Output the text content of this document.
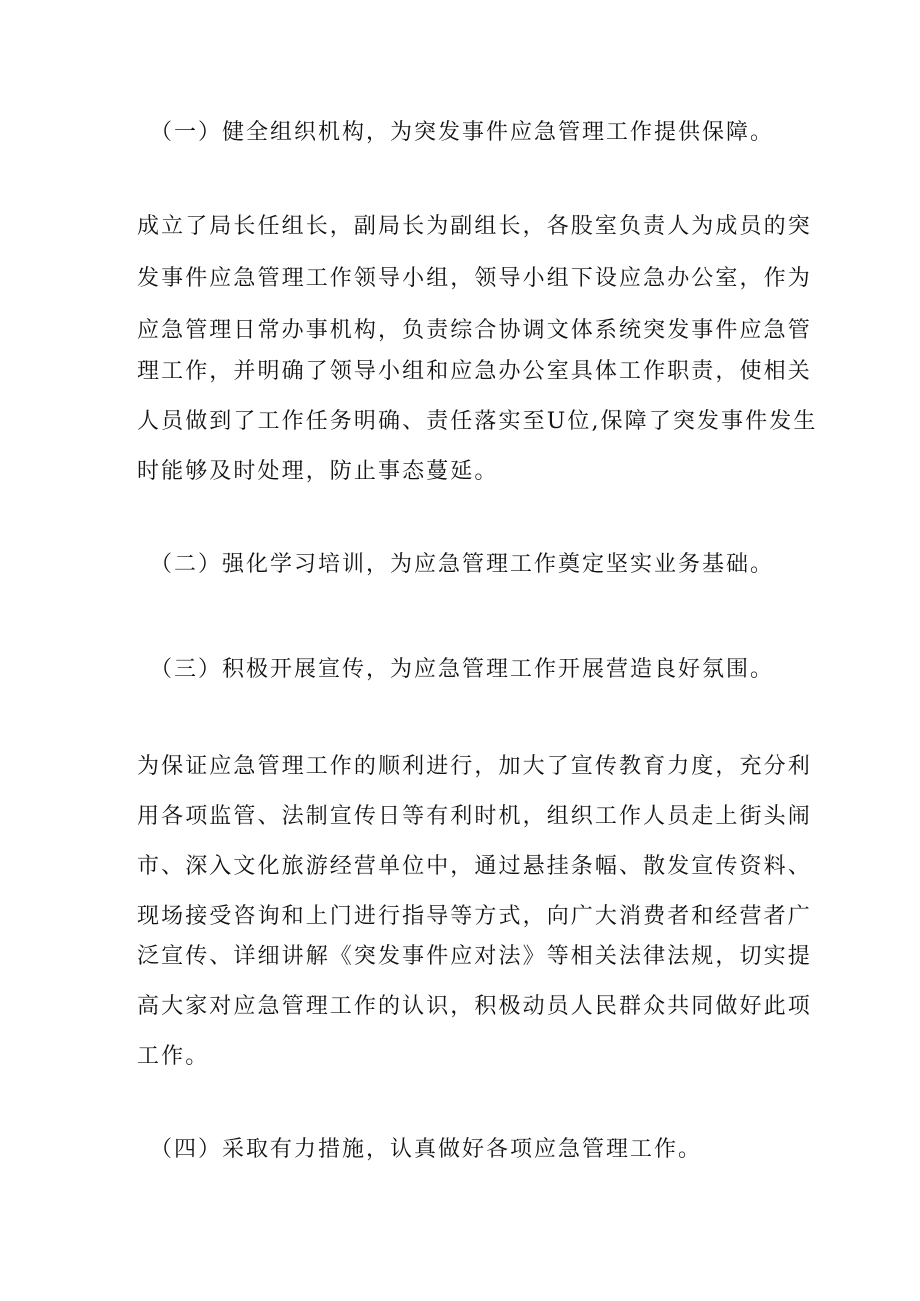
（一）健全组织机构，为突发事件应急管理工作提供保障。
成立了局长任组长，副局长为副组长，各股室负责人为成员的突
发事件应急管理工作领导小组，领导小组下设应急办公室，作为
应急管理日常办事机构，负责综合协调文体系统突发事件应急管
理工作，并明确了领导小组和应急办公室具体工作职责，使相关
人员做到了工作任务明确、责任落实至U位,保障了突发事件发生
时能够及时处理，防止事态蔓延。
（二）强化学习培训，为应急管理工作奠定坚实业务基础。
（三）积极开展宣传，为应急管理工作开展营造良好氛围。
为保证应急管理工作的顺利进行，加大了宣传教育力度，充分利
用各项监管、法制宣传日等有利时机，组织工作人员走上街头闹
市、深入文化旅游经营单位中，通过悬挂条幅、散发宣传资料、
现场接受咨询和上门进行指导等方式，向广大消费者和经营者广
泛宣传、详细讲解《突发事件应对法》等相关法律法规，切实提
高大家对应急管理工作的认识，积极动员人民群众共同做好此项
工作。
（四）采取有力措施，认真做好各项应急管理工作。
